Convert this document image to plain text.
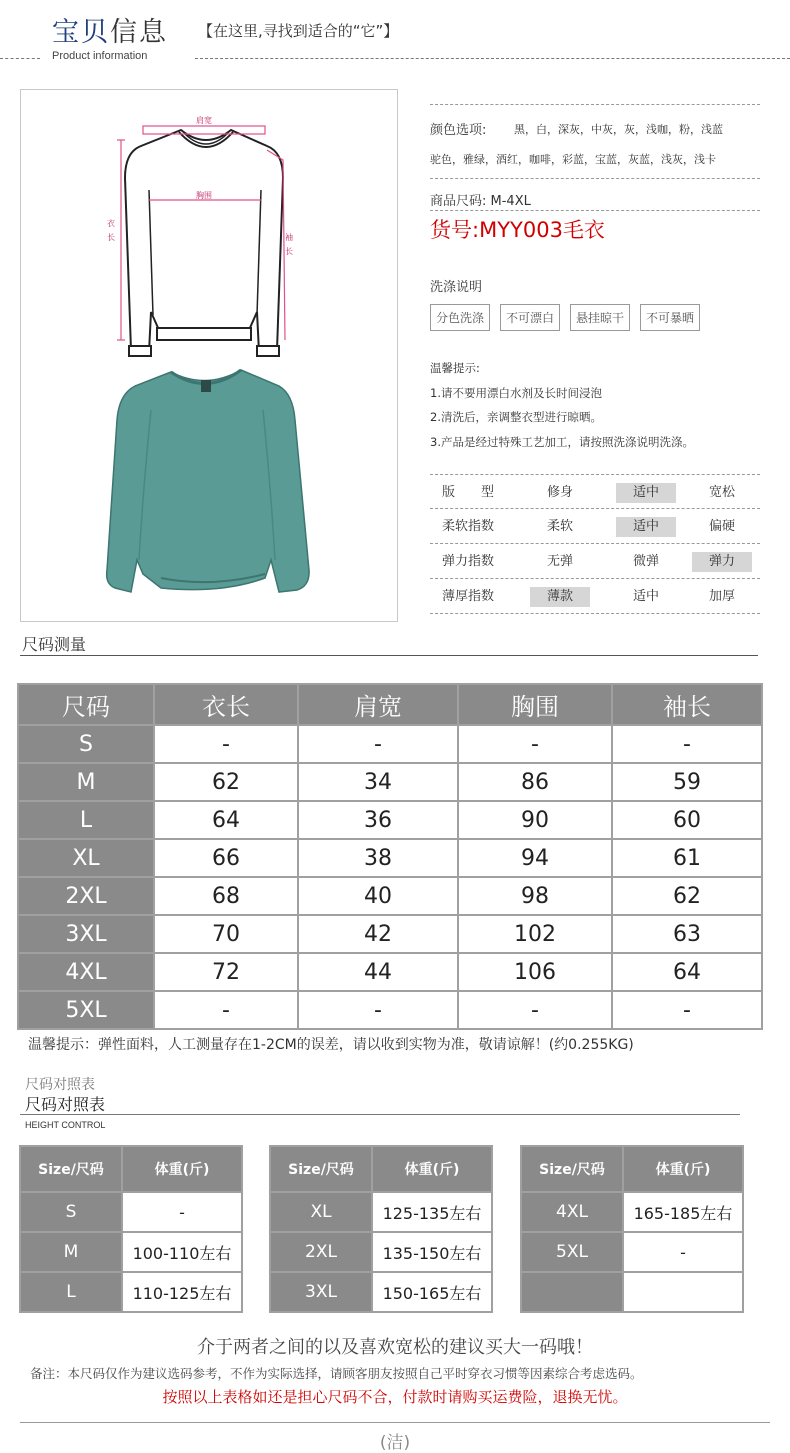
宝贝信息 【在这里,寻找到适合的“它”】
Product information
肩宽
胸围
衣
长	袖
长
颜色选项:	黑，白，深灰，中灰，灰，浅咖，粉，浅蓝
驼色，雅绿，酒红，咖啡，彩蓝，宝蓝，灰蓝，浅灰，浅卡
商品尺码: M-4XL
货号:MYY003毛衣
洗涤说明
分色洗涤	不可漂白	悬挂晾干	不可暴晒
温馨提示:
1.请不要用漂白水剂及长时间浸泡
2.清洗后，亲调整衣型进行晾晒。
3.产品是经过特殊工艺加工，请按照洗涤说明洗涤。
版　　型	修身	适中	宽松
柔软指数	柔软	适中	偏硬
弹力指数	无弹	微弹	弹力
薄厚指数	薄款	适中	加厚
尺码测量
尺码	衣长	肩宽	胸围	袖长
S	-	-	-	-
M	62	34	86	59
L	64	36	90	60
XL	66	38	94	61
2XL	68	40	98	62
3XL	70	42	102	63
4XL	72	44	106	64
5XL	-	-	-	-
温馨提示：弹性面料，人工测量存在1-2CM的误差，请以收到实物为准，敬请谅解！(约0.255KG)
尺码对照表
尺码对照表
HEIGHT CONTROL
Size/尺码	体重(斤)
S	-
M	100-110左右
L	110-125左右
Size/尺码	体重(斤)
XL	125-135左右
2XL	135-150左右
3XL	150-165左右
Size/尺码	体重(斤)
4XL	165-185左右
5XL	-

介于两者之间的以及喜欢宽松的建议买大一码哦！
备注：本尺码仅作为建议选码参考，不作为实际选择，请顾客朋友按照自己平时穿衣习惯等因素综合考虑选码。
按照以上表格如还是担心尺码不合，付款时请购买运费险，退换无忧。
(洁)
